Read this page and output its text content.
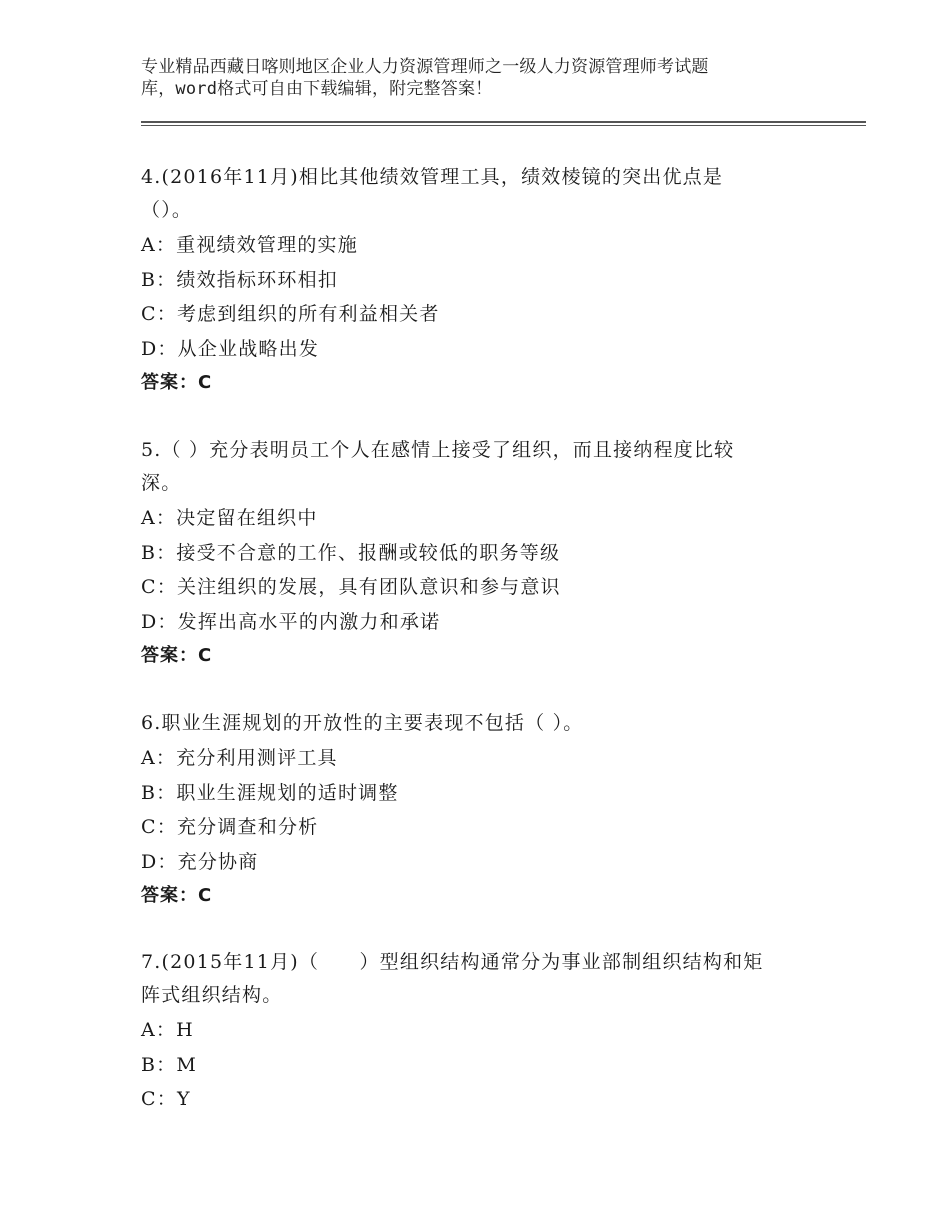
专业精品西藏日喀则地区企业人力资源管理师之一级人力资源管理师考试题
库，word格式可自由下载编辑，附完整答案！
4.(2016年11月)相比其他绩效管理工具，绩效棱镜的突出优点是
（）。
A：重视绩效管理的实施
B：绩效指标环环相扣
C：考虑到组织的所有利益相关者
D：从企业战略出发
答案：C
5.（ ）充分表明员工个人在感情上接受了组织，而且接纳程度比较
深。
A：决定留在组织中
B：接受不合意的工作、报酬或较低的职务等级
C：关注组织的发展，具有团队意识和参与意识
D：发挥出高水平的内激力和承诺
答案：C
6.职业生涯规划的开放性的主要表现不包括（ ）。
A：充分利用测评工具
B：职业生涯规划的适时调整
C：充分调查和分析
D：充分协商
答案：C
7.(2015年11月)（　　）型组织结构通常分为事业部制组织结构和矩
阵式组织结构。
A：H
B：M
C：Y
